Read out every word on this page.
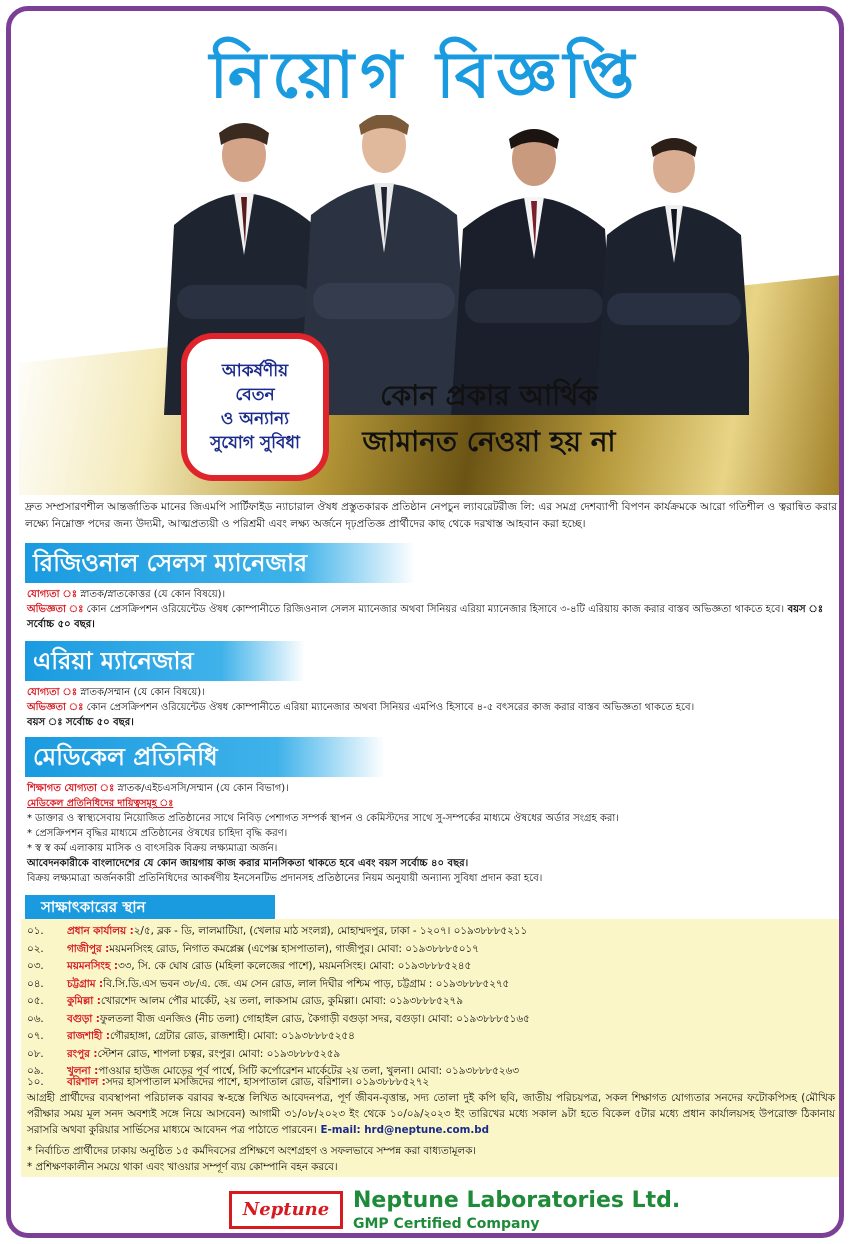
নিয়োগ বিজ্ঞপ্তি
আকর্ষণীয়
বেতন
ও অন্যান্য
সুযোগ সুবিধা
কোন প্রকার আর্থিক
জামানত নেওয়া হয় না
দ্রুত সম্প্রসারণশীল আন্তর্জাতিক মানের জিএমপি সার্টিফাইড ন্যাচারাল ঔষধ প্রস্তুতকারক প্রতিষ্ঠান নেপচুন ল্যাবরেটরীজ লি: এর সমগ্র দেশব্যাপী বিপণন কার্যক্রমকে আরো গতিশীল ও ত্বরান্বিত করার লক্ষ্যে নিম্নোক্ত পদের জন্য উদ্যমী, আত্মপ্রত্যয়ী ও পরিশ্রমী এবং লক্ষ্য অর্জনে দৃঢ়প্রতিজ্ঞ প্রার্থীদের কাছ থেকে দরখাস্ত আহবান করা হচ্ছে।
রিজিওনাল সেলস ম্যানেজার
যোগ্যতা ঃ স্নাতক/স্নাতকোত্তর (যে কোন বিষয়ে)।
অভিজ্ঞতা ঃ কোন প্রেসক্রিপশন ওরিয়েন্টেড ঔষধ কোম্পানীতে রিজিওনাল সেলস ম্যানেজার অথবা সিনিয়র এরিয়া ম্যানেজার হিসাবে ৩-৪টি এরিয়ায় কাজ করার বাস্তব অভিজ্ঞতা থাকতে হবে। বয়স ঃ সর্বোচ্চ ৫০ বছর।
এরিয়া ম্যানেজার
যোগ্যতা ঃ স্নাতক/সম্মান (যে কোন বিষয়ে)।
অভিজ্ঞতা ঃ কোন প্রেসক্রিপশন ওরিয়েন্টেড ঔষধ কোম্পানীতে এরিয়া ম্যানেজার অথবা সিনিয়র এমপিও হিসাবে ৪-৫ বৎসরের কাজ করার বাস্তব অভিজ্ঞতা থাকতে হবে।
বয়স ঃ সর্বোচ্চ ৫০ বছর।
মেডিকেল প্রতিনিধি
শিক্ষাগত যোগ্যতা ঃ স্নাতক/এইচএসসি/সম্মান (যে কোন বিভাগ)।
মেডিকেল প্রতিনিধিদের দায়িত্বসমূহ ঃ
* ডাক্তার ও স্বাস্থ্যসেবায় নিয়োজিত প্রতিষ্ঠানের সাথে নিবিড় পেশাগত সম্পর্ক স্থাপন ও কেমিস্টদের সাথে সু-সম্পর্কের মাধ্যমে ঔষধের অর্ডার সংগ্রহ করা।
* প্রেসক্রিপশন বৃদ্ধির মাধ্যমে প্রতিষ্ঠানের ঔষধের চাহিদা বৃদ্ধি করণ।
* স্ব স্ব কর্ম এলাকায় মাসিক ও বাৎসরিক বিক্রয় লক্ষ্যমাত্রা অর্জন।
আবেদনকারীকে বাংলাদেশের যে কোন জায়গায় কাজ করার মানসিকতা থাকতে হবে এবং বয়স সর্বোচ্চ ৪০ বছর।
বিক্রয় লক্ষ্যমাত্রা অর্জনকারী প্রতিনিধিদের আকর্ষণীয় ইনসেনটিভ প্রদানসহ প্রতিষ্ঠানের নিয়ম অনুযায়ী অন্যান্য সুবিধা প্রদান করা হবে।
সাক্ষাৎকারের স্থান
০১.	প্রধান কার্যালয় : ২/৫, ব্লক - ডি, লালমাটিয়া, (খেলার মাঠ সংলগ্ন), মোহাম্মদপুর, ঢাকা - ১২০৭। ০১৯৩৮৮৮৫২১১
০২.	গাজীপুর : ময়মনসিংহ রোড, নিগাত কমপ্লেক্স (এপেক্স হাসপাতাল), গাজীপুর। মোবা: ০১৯৩৮৮৮৫০১৭
০৩.	ময়মনসিংহ : ৩৩, সি. কে ঘোষ রোড (মহিলা কলেজের পাশে), ময়মনসিংহ। মোবা: ০১৯৩৮৮৮৫২৪৫
০৪.	চট্টগ্রাম : বি.সি.ডি.এস ভবন ৩৮/এ. জে. এম সেন রোড, লাল দিঘীর পশ্চিম পাড়, চট্টগ্রাম : ০১৯৩৮৮৮৫২৭৫
০৫.	কুমিল্লা : খোরশেদ আলম পৌর মার্কেট, ২য় তলা, লাকসাম রোড, কুমিল্লা। মোবা: ০১৯৩৮৮৮৫২৭৯
০৬.	বগুড়া : ফুলতলা বীজ এনজিও (নীচ তলা) গোহাইল রোড, কৈগাড়ী বগুড়া সদর, বগুড়া। মোবা: ০১৯৩৮৮৮৫১৬৫
০৭.	রাজশাহী : গৌরহাঙ্গা, গ্রেটার রোড, রাজশাহী। মোবা: ০১৯৩৮৮৮৫২৫৪
০৮.	রংপুর : স্টেশন রোড, শাপলা চত্বর, রংপুর। মোবা: ০১৯৩৮৮৮৫২৫৯
০৯.	খুলনা : পাওয়ার হাউজ মোড়ের পূর্ব পার্শ্বে, সিটি কর্পোরেশন মার্কেটের ২য় তলা, খুলনা। মোবা: ০১৯৩৮৮৮৫২৬৩
১০.	বরিশাল : সদর হাসপাতাল মসজিদের পাশে, হাসপাতাল রোড, বরিশাল। ০১৯৩৮৮৮৫২৭২
আগ্রহী প্রার্থীদের ব্যবস্থাপনা পরিচালক বরাবর স্ব-হস্তে লিখিত আবেদনপত্র, পূর্ণ জীবন-বৃত্তান্ত, সদ্য তোলা দুই কপি ছবি, জাতীয় পরিচয়পত্র, সকল শিক্ষাগত যোগ্যতার সনদের ফটোকপিসহ (মৌখিক পরীক্ষার সময় মূল সনদ অবশ্যই সঙ্গে নিয়ে আসবেন) আগামী ৩১/০৮/২০২৩ ইং থেকে ১০/০৯/২০২৩ ইং তারিখের মধ্যে সকাল ৯টা হতে বিকেল ৫টার মধ্যে প্রধান কার্যালয়সহ উপরোক্ত ঠিকানায় সরাসরি অথবা কুরিয়ার সার্ভিসের মাধ্যমে আবেদন পত্র পাঠাতে পারবেন। E-mail: hrd@neptune.com.bd
* নির্বাচিত প্রার্থীদের ঢাকায় অনুষ্ঠিত ১৫ কর্মদিবসের প্রশিক্ষণে অংশগ্রহণ ও সফলভাবে সম্পন্ন করা বাধ্যতামূলক।
* প্রশিক্ষণকালীন সময়ে থাকা এবং খাওয়ার সম্পূর্ণ ব্যয় কোম্পানি বহন করবে।
Neptune	Neptune Laboratories Ltd.
GMP Certified Company
